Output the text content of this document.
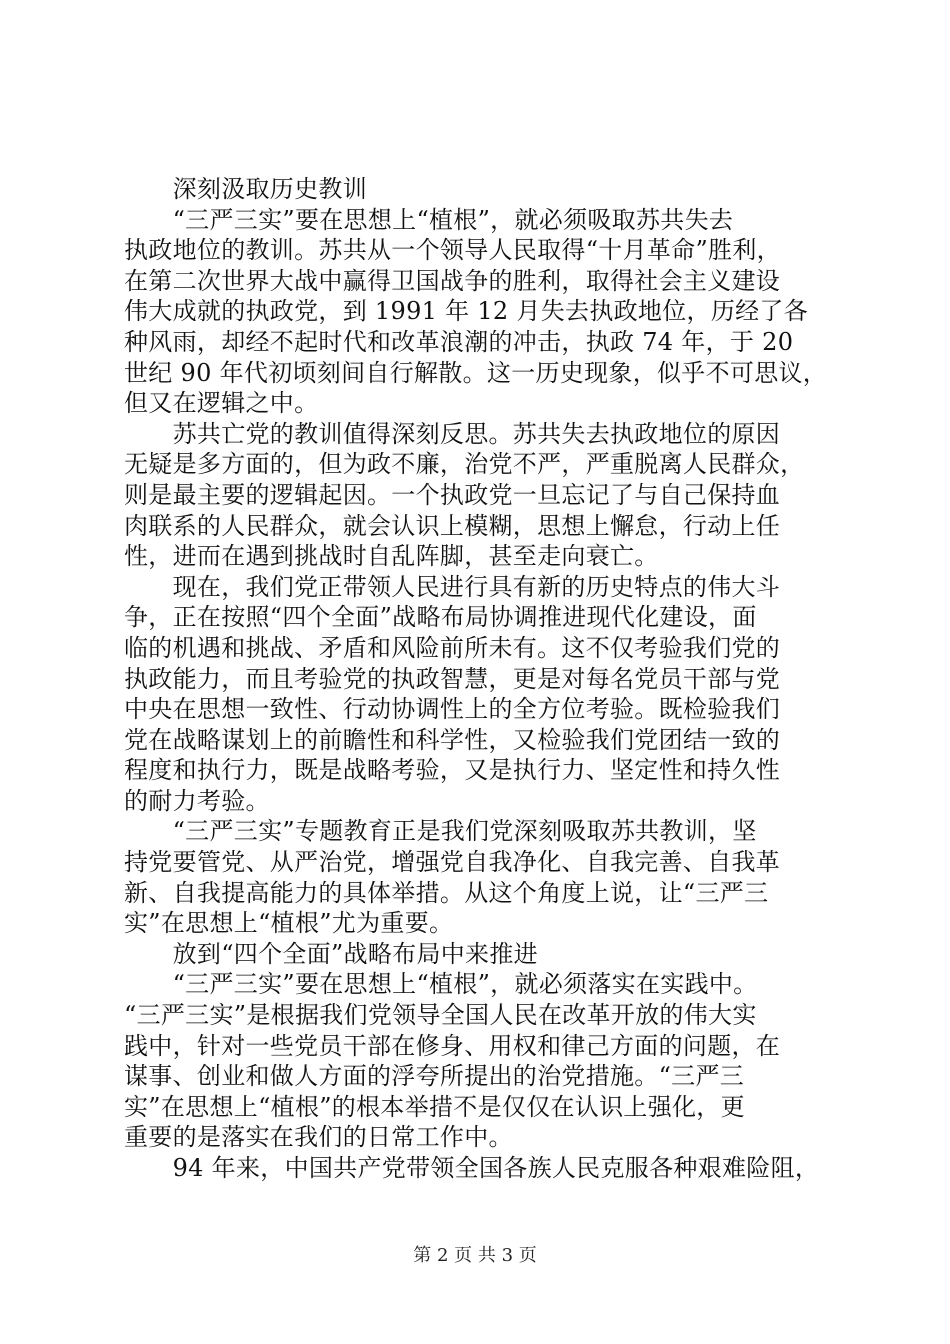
　　深刻汲取历史教训

　　“三严三实”要在思想上“植根”，就必须吸取苏共失去
执政地位的教训。苏共从一个领导人民取得“十月革命”胜利，
在第二次世界大战中赢得卫国战争的胜利，取得社会主义建设
伟大成就的执政党，到 1991 年 12 月失去执政地位，历经了各
种风雨，却经不起时代和改革浪潮的冲击，执政 74 年，于 20
世纪 90 年代初顷刻间自行解散。这一历史现象，似乎不可思议，
但又在逻辑之中。

　　苏共亡党的教训值得深刻反思。苏共失去执政地位的原因
无疑是多方面的，但为政不廉，治党不严，严重脱离人民群众，
则是最主要的逻辑起因。一个执政党一旦忘记了与自己保持血
肉联系的人民群众，就会认识上模糊，思想上懈怠，行动上任
性，进而在遇到挑战时自乱阵脚，甚至走向衰亡。

　　现在，我们党正带领人民进行具有新的历史特点的伟大斗
争，正在按照“四个全面”战略布局协调推进现代化建设，面
临的机遇和挑战、矛盾和风险前所未有。这不仅考验我们党的
执政能力，而且考验党的执政智慧，更是对每名党员干部与党
中央在思想一致性、行动协调性上的全方位考验。既检验我们
党在战略谋划上的前瞻性和科学性，又检验我们党团结一致的
程度和执行力，既是战略考验，又是执行力、坚定性和持久性
的耐力考验。

　　“三严三实”专题教育正是我们党深刻吸取苏共教训，坚
持党要管党、从严治党，增强党自我净化、自我完善、自我革
新、自我提高能力的具体举措。从这个角度上说，让“三严三
实”在思想上“植根”尤为重要。

　　放到“四个全面”战略布局中来推进

　　“三严三实”要在思想上“植根”，就必须落实在实践中。
“三严三实”是根据我们党领导全国人民在改革开放的伟大实
践中，针对一些党员干部在修身、用权和律己方面的问题，在
谋事、创业和做人方面的浮夸所提出的治党措施。“三严三
实”在思想上“植根”的根本举措不是仅仅在认识上强化，更
重要的是落实在我们的日常工作中。

　　94 年来，中国共产党带领全国各族人民克服各种艰难险阻，

第 2 页 共 3 页
